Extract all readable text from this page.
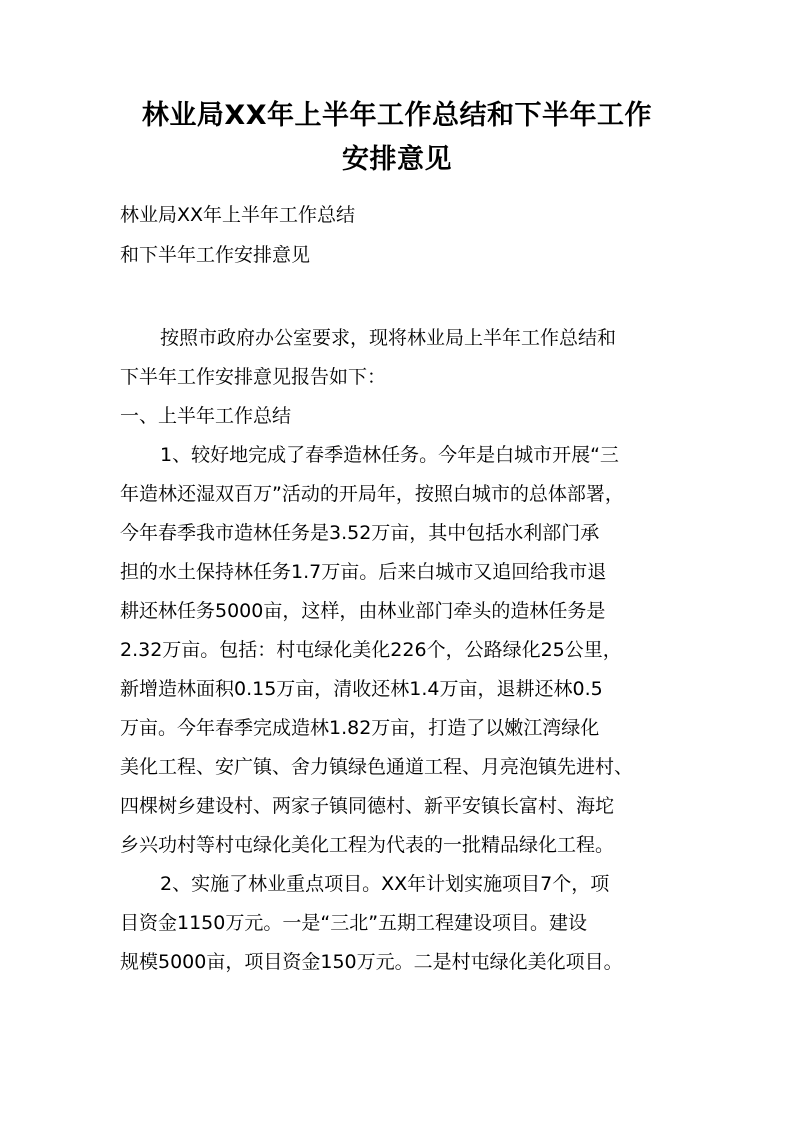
林业局XX年上半年工作总结和下半年工作
安排意见
林业局XX年上半年工作总结
和下半年工作安排意见
按照市政府办公室要求，现将林业局上半年工作总结和
下半年工作安排意见报告如下：
一、上半年工作总结
1、较好地完成了春季造林任务。今年是白城市开展“三
年造林还湿双百万”活动的开局年，按照白城市的总体部署，
今年春季我市造林任务是3.52万亩，其中包括水利部门承
担的水土保持林任务1.7万亩。后来白城市又追回给我市退
耕还林任务5000亩，这样，由林业部门牵头的造林任务是
2.32万亩。包括：村屯绿化美化226个，公路绿化25公里，
新增造林面积0.15万亩，清收还林1.4万亩，退耕还林0.5
万亩。今年春季完成造林1.82万亩，打造了以嫩江湾绿化
美化工程、安广镇、舍力镇绿色通道工程、月亮泡镇先进村、
四棵树乡建设村、两家子镇同德村、新平安镇长富村、海坨
乡兴功村等村屯绿化美化工程为代表的一批精品绿化工程。
2、实施了林业重点项目。XX年计划实施项目7个，项
目资金1150万元。一是“三北”五期工程建设项目。建设
规模5000亩，项目资金150万元。二是村屯绿化美化项目。
